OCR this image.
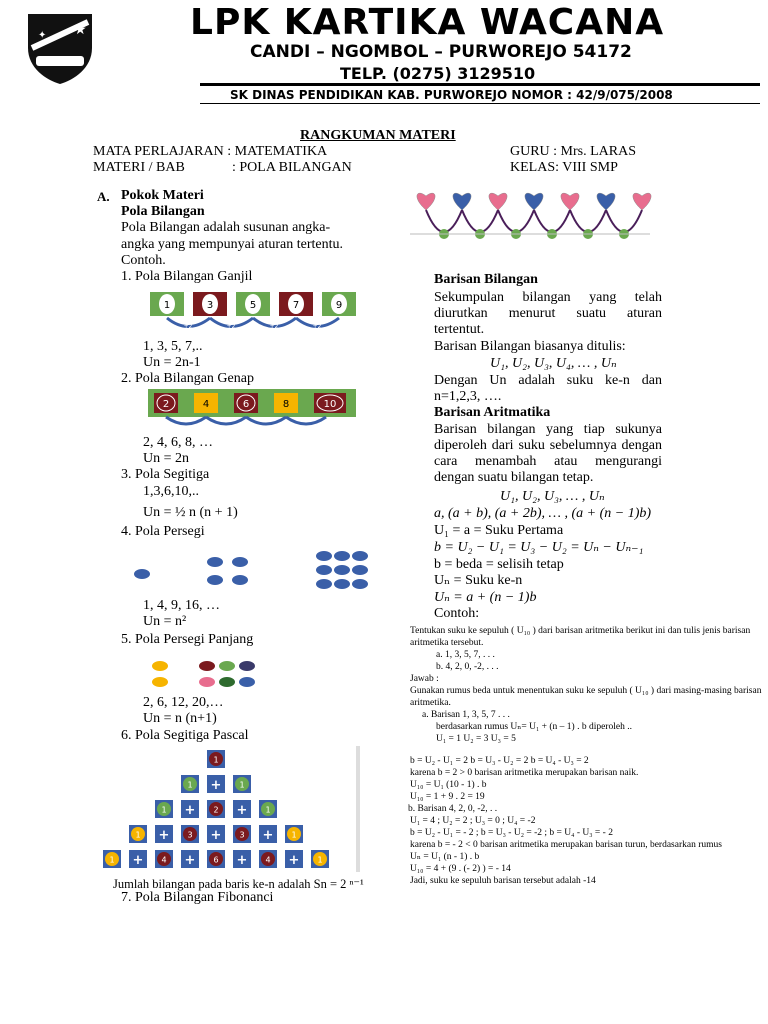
★
✦	LPK KARTIKA WACANA
CANDI – NGOMBOL – PURWOREJO 54172
TELP. (0275) 3129510
SK DINAS PENDIDIKAN KAB. PURWOREJO NOMOR : 42/9/075/2008
RANGKUMAN MATERI
MATA PERLAJARAN : MATEMATIKA
MATERI / BAB	: POLA BILANGAN
GURU : Mrs. LARAS
KELAS: VIII SMP
A. Pokok Materi
Pola Bilangan
Pola Bilangan adalah susunan angka-
angka yang mempunyai aturan tertentu.
Contoh.
1. Pola Bilangan Ganjil
1
+2
3
+2
5
+2
7
+2
9
1, 3, 5, 7,..
Un = 2n-1
2. Pola Bilangan Genap
2	4	6	8	10
2, 4, 6, 8, …
Un = 2n
3. Pola Segitiga
1,3,6,10,..
Un = ½ n (n + 1)
4. Pola Persegi
1, 4, 9, 16, …
Un = n²
5. Pola Persegi Panjang
2, 6, 12, 20,…
Un = n (n+1)
6. Pola Segitiga Pascal
1
1 + 1
1 + 2 + 1
1 + 3 + 3 + 1
1 + 4 + 6 + 4 + 1
Jumlah bilangan pada baris ke-n adalah Sn = 2 ⁿ⁻¹
7. Pola Bilangan Fibonanci
Barisan Bilangan
Sekumpulan bilangan yang telah diurutkan menurut suatu aturan tertentut.
Barisan Bilangan biasanya ditulis:
U₁, U₂, U₃, U₄, … , Uₙ
Dengan Un adalah suku ke-n dan n=1,2,3, ….
Barisan Aritmatika
Barisan bilangan yang tiap sukunya diperoleh dari suku sebelumnya dengan cara menambah atau mengurangi dengan suatu bilangan tetap.
U₁, U₂, U₃, … , Uₙ
a, (a + b), (a + 2b), … , (a + (n − 1)b)
U₁ = a = Suku Pertama
b = U₂ − U₁ = U₃ − U₂ = Uₙ − Uₙ₋₁
b = beda = selisih tetap
Uₙ = Suku ke-n
Uₙ = a + (n − 1)b
Contoh:
Tentukan suku ke sepuluh ( U₁₀ ) dari barisan aritmetika berikut ini dan tulis jenis barisan
aritmetika tersebut.
a. 1, 3, 5, 7, . . .
b. 4, 2, 0, -2, . . .
Jawab :
Gunakan rumus beda untuk menentukan suku ke sepuluh ( U₁₀ ) dari masing-masing barisan
aritmetika.
a. Barisan 1, 3, 5, 7 . . .
berdasarkan rumus Uₙ= U₁ + (n – 1) . b diperoleh ..
U₁ = 1 U₂ = 3 U₃ = 5
b = U₂ - U₁ = 2 b = U₃ - U₂ = 2 b = U₄ - U₃ = 2
karena b = 2 > 0 barisan aritmetika merupakan barisan naik.
U₁₀ = U₁ (10 - 1) . b
U₁₀ = 1 + 9 . 2 = 19
b. Barisan 4, 2, 0, -2, . .
U₁ = 4 ; U₂ = 2 ; U₃ = 0 ; U₄ = -2
b = U₂ - U₁ = - 2 ; b = U₃ - U₂ = -2 ; b = U₄ - U₃ = - 2
karena b = - 2 < 0 barisan aritmetika merupakan barisan turun, berdasarkan rumus
Uₙ = U₁ (n - 1) . b
U₁₀ = 4 + (9 . (- 2) ) = - 14
Jadi, suku ke sepuluh barisan tersebut adalah -14
